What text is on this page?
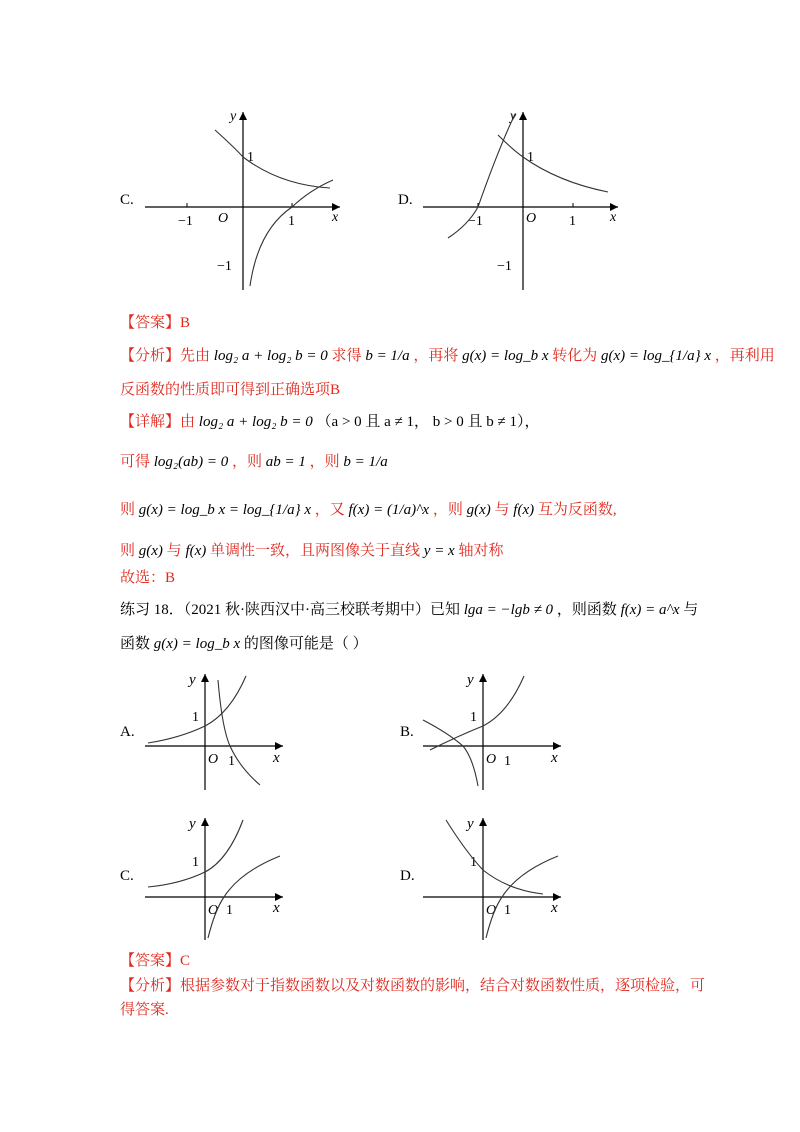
C.
−1	1
1
−1
O	x
y
D.
−1	1
1
−1
O	x
y
【答案】B
【分析】先由 log₂ a + log₂ b = 0 求得 b = 1/a ，再将 g(x) = log_b x 转化为 g(x) = log_{1/a} x ，再利用
反函数的性质即可得到正确选项B
【详解】由 log₂ a + log₂ b = 0 （a > 0 且 a ≠ 1， b > 0 且 b ≠ 1），
可得 log₂(ab) = 0 ，则 ab = 1 ，则 b = 1/a
则 g(x) = log_b x = log_{1/a} x ，又 f(x) = (1/a)^x ，则 g(x) 与 f(x) 互为反函数,
则 g(x) 与 f(x) 单调性一致，且两图像关于直线 y = x 轴对称
故选：B
练习 18．（2021 秋·陕西汉中·高三校联考期中）已知 lga = −lgb ≠ 0 ，则函数 f(x) = a^x 与
函数 g(x) = log_b x 的图像可能是（ ）
A.
x
y
1
O 1
B.
x
y
1
O 1
C.
x
y
1
O 1
D.
x
y
1
O 1
【答案】C
【分析】根据参数对于指数函数以及对数函数的影响，结合对数函数性质，逐项检验，可
得答案.
